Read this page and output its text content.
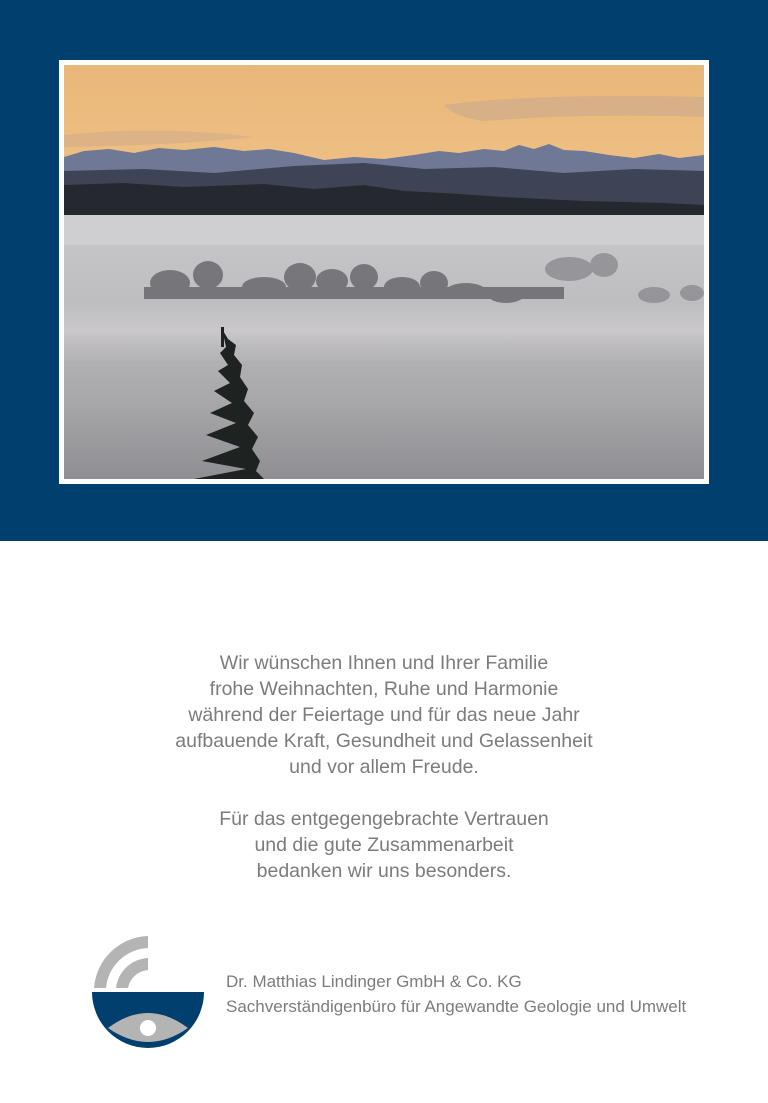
Wir wünschen Ihnen und Ihrer Familie

frohe Weihnachten, Ruhe und Harmonie

während der Feiertage und für das neue Jahr

aufbauende Kraft, Gesundheit und Gelassenheit

und vor allem Freude.

Für das entgegengebrachte Vertrauen

und die gute Zusammenarbeit

bedanken wir uns besonders.

Dr. Matthias Lindinger GmbH & Co. KG
Sachverständigenbüro für Angewandte Geologie und Umwelt
